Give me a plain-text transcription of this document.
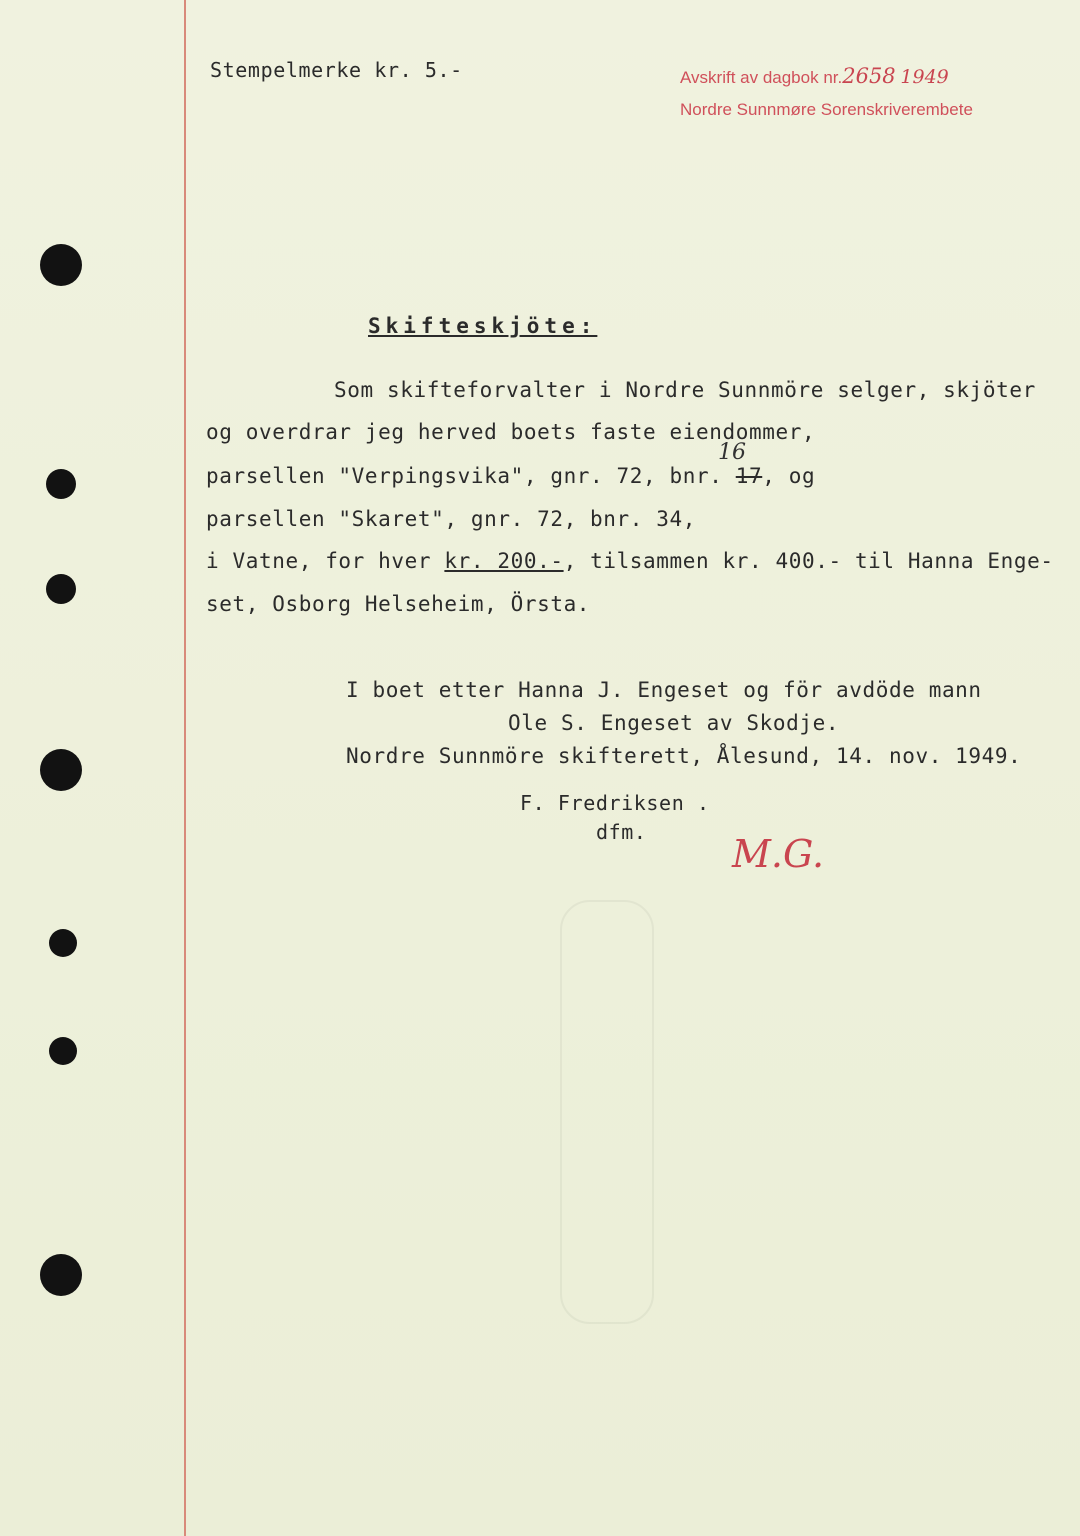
Stempelmerke kr. 5.-	Avskrift av dagbok nr.2658 1949
Nordre Sunnmøre Sorenskriverembete
Skifteskjöte:
Som skifteforvalter i Nordre Sunnmöre selger, skjöter
og overdrar jeg herved boets faste eiendommer,
16
parsellen "Verpingsvika", gnr. 72, bnr. 17, og
parsellen "Skaret", gnr. 72, bnr. 34,
i Vatne, for hver kr. 200.-, tilsammen kr. 400.- til Hanna Enge-
set, Osborg Helseheim, Örsta.
I boet etter Hanna J. Engeset og för avdöde mann
Ole S. Engeset av Skodje.
Nordre Sunnmöre skifterett, Ålesund, 14. nov. 1949.
F. Fredriksen .
dfm. M.G.
